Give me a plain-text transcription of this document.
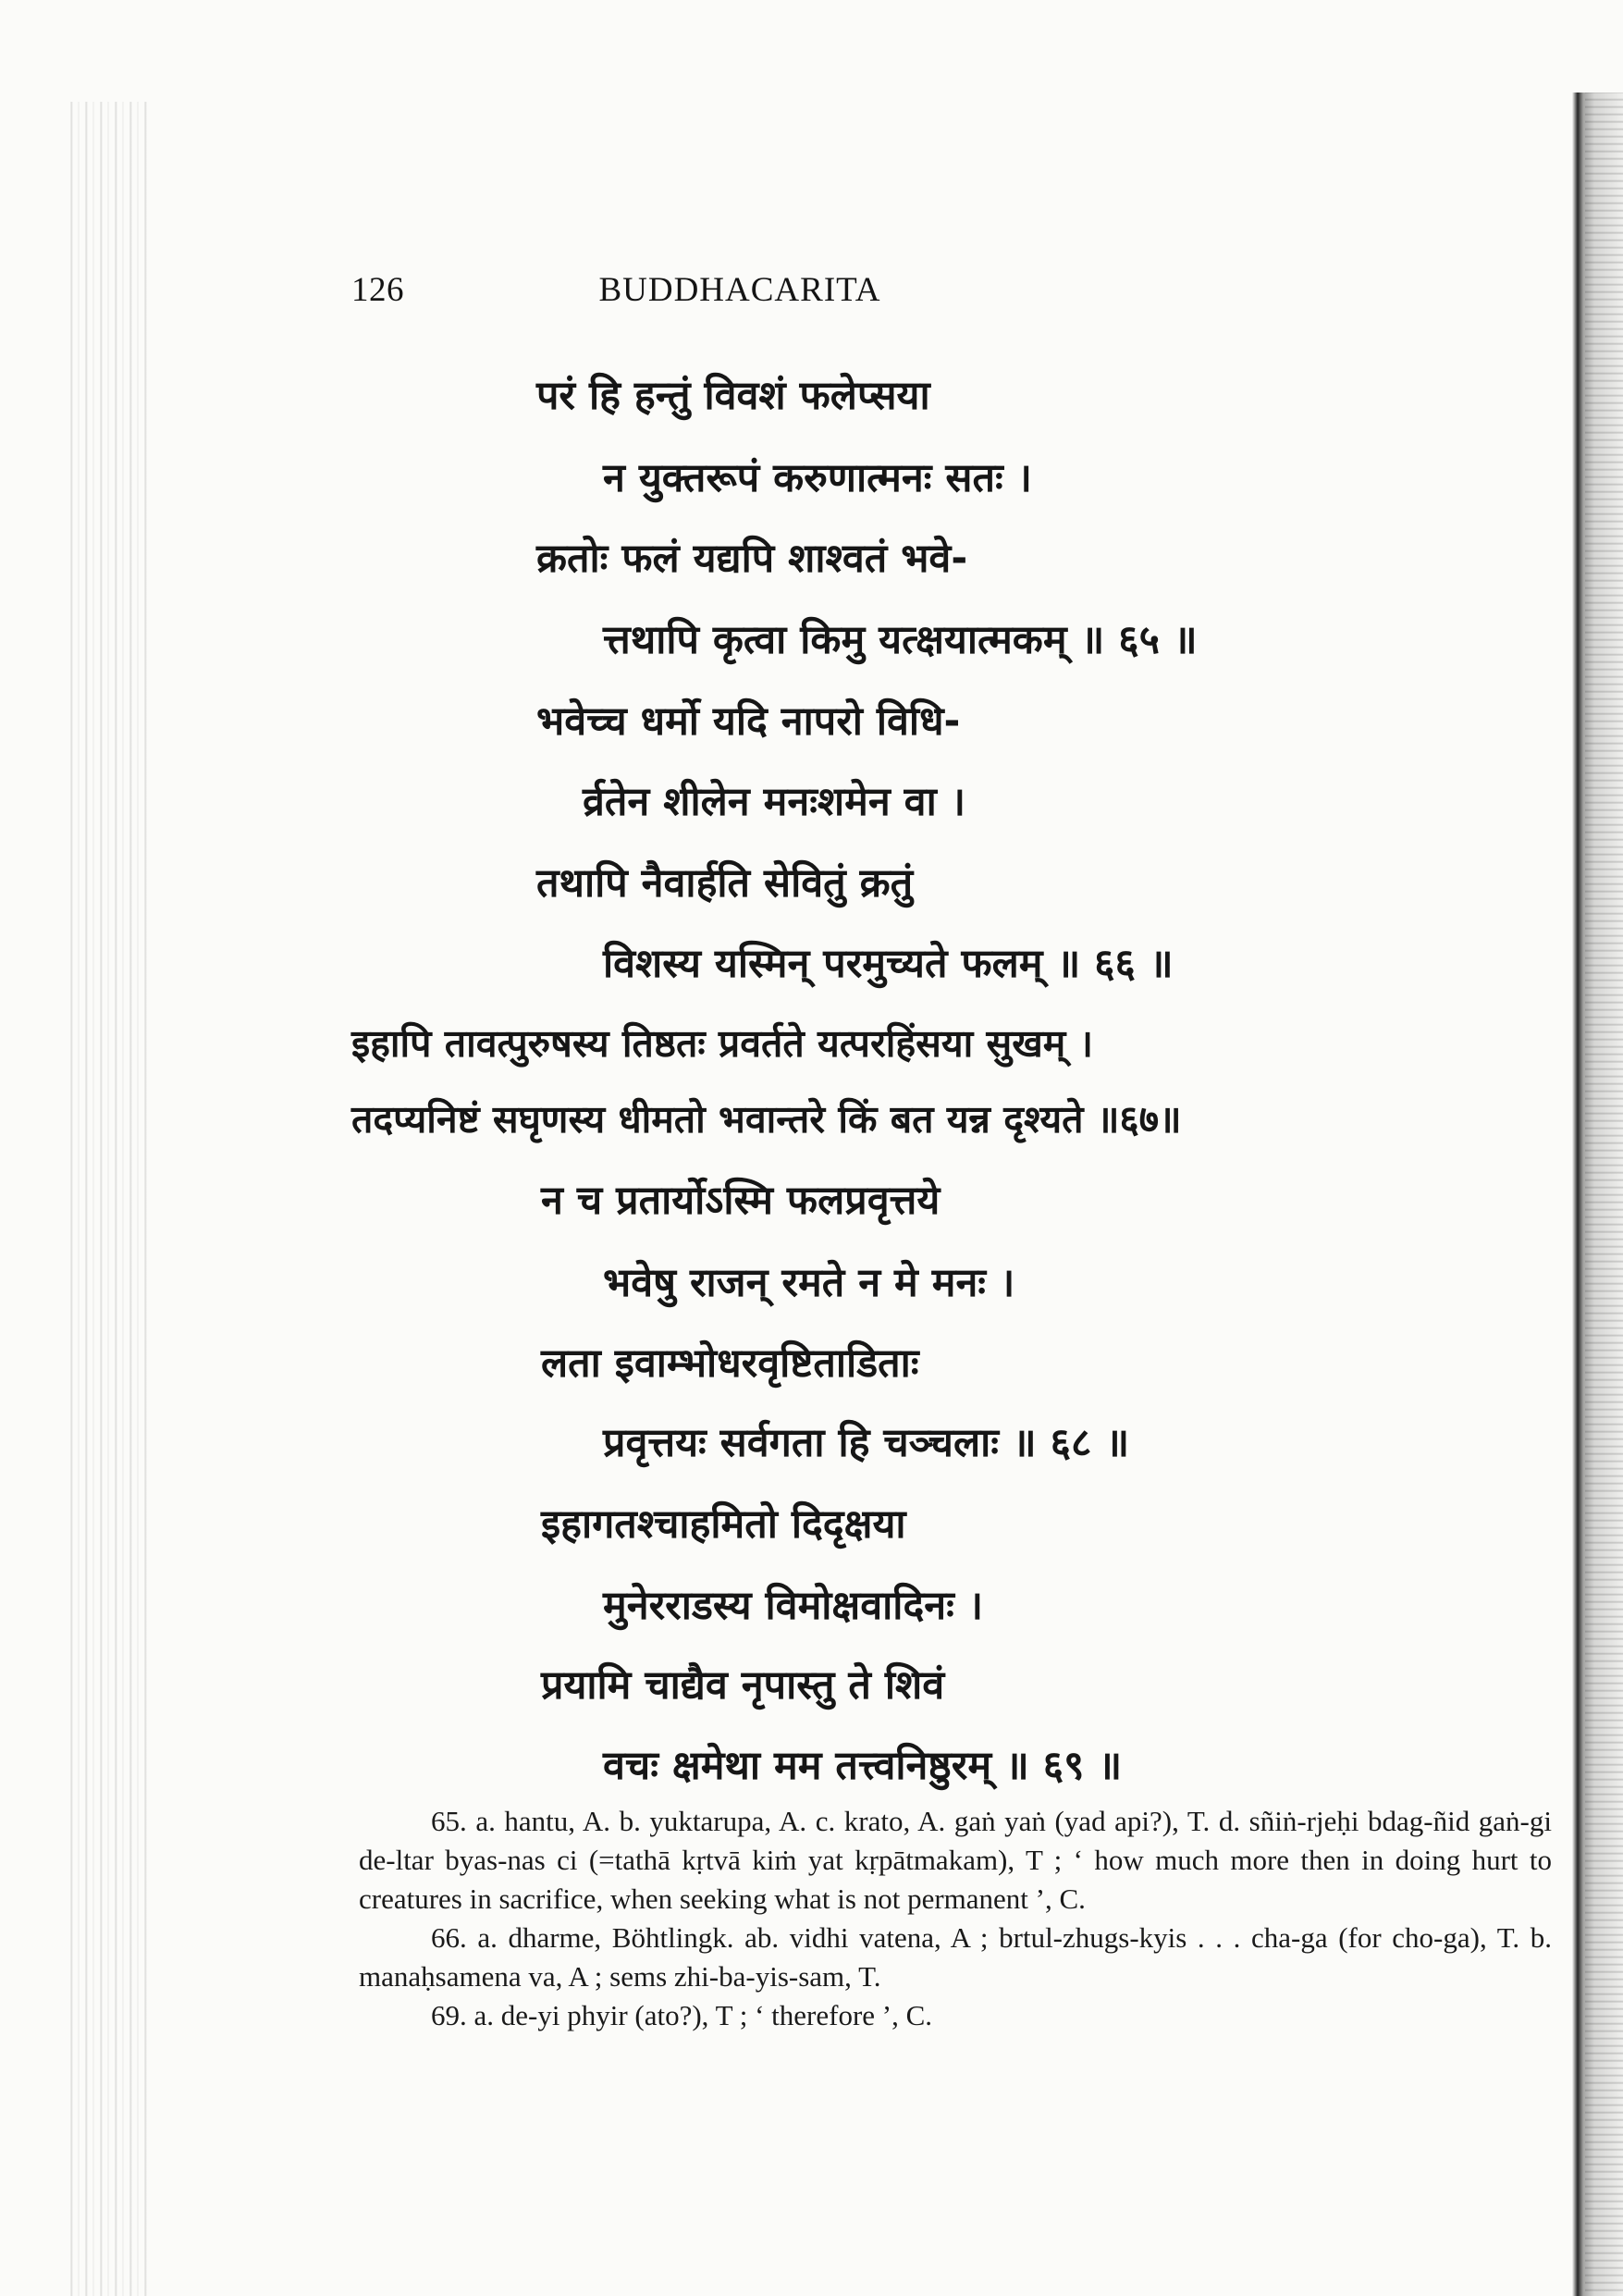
126	BUDDHACARITA
परं हि हन्तुं विवशं फलेप्सया
न युक्तरूपं करुणात्मनः सतः ।
क्रतोः फलं यद्यपि शाश्वतं भवे-
त्तथापि कृत्वा किमु यत्क्षयात्मकम् ॥ ६५ ॥
भवेच्च धर्मो यदि नापरो विधि-
र्व्रतेन शीलेन मनःशमेन वा ।
तथापि नैवार्हति सेवितुं क्रतुं
विशस्य यस्मिन् परमुच्यते फलम् ॥ ६६ ॥
इहापि तावत्पुरुषस्य तिष्ठतः प्रवर्तते यत्परहिंसया सुखम् ।
तदप्यनिष्टं सघृणस्य धीमतो भवान्तरे किं बत यन्न दृश्यते ॥६७॥
न च प्रतार्योऽस्मि फलप्रवृत्तये
भवेषु राजन् रमते न मे मनः ।
लता इवाम्भोधरवृष्टिताडिताः
प्रवृत्तयः सर्वगता हि चञ्चलाः ॥ ६८ ॥
इहागतश्चाहमितो दिदृक्षया
मुनेरराडस्य विमोक्षवादिनः ।
प्रयामि चाद्यैव नृपास्तु ते शिवं
वचः क्षमेथा मम तत्त्वनिष्ठुरम् ॥ ६९ ॥

65. a. hantu, A. b. yuktarupa, A. c. krato, A. gaṅ yaṅ (yad api?), T. d. sñiṅ-rjeḥi bdag-ñid gaṅ-gi de-ltar byas-nas ci (=tathā kṛtvā kiṁ yat kṛpātmakam), T ; ‘ how much more then in doing hurt to creatures in sacrifice, when seeking what is not permanent ’, C.

66. a. dharme, Böhtlingk. ab. vidhi vatena, A ; brtul-zhugs-kyis . . . cha-ga (for cho-ga), T. b. manaḥsamena va, A ; sems zhi-ba-yis-sam, T.

69. a. de-yi phyir (ato?), T ; ‘ therefore ’, C.
